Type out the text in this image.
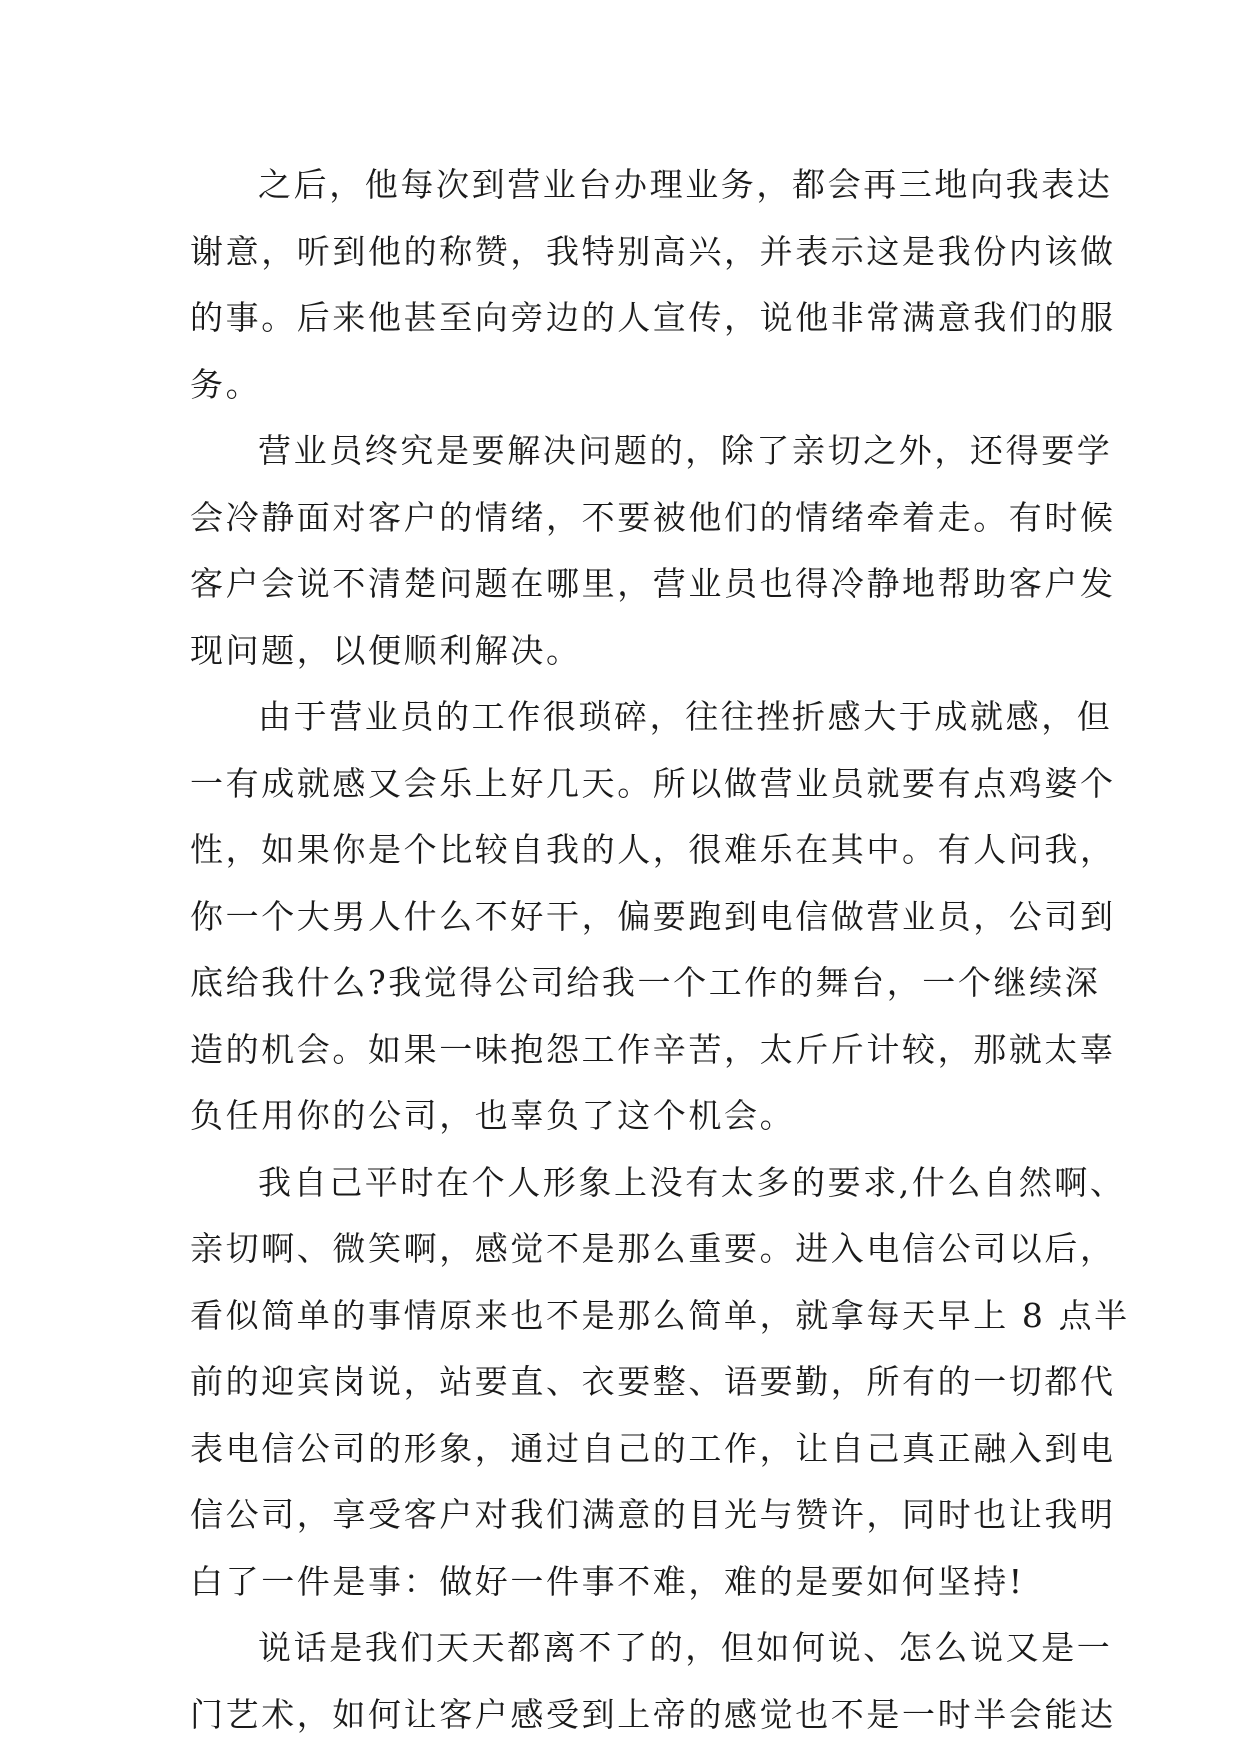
之后，他每次到营业台办理业务，都会再三地向我表达
谢意，听到他的称赞，我特别高兴，并表示这是我份内该做
的事。后来他甚至向旁边的人宣传，说他非常满意我们的服
务。
营业员终究是要解决问题的，除了亲切之外，还得要学
会冷静面对客户的情绪，不要被他们的情绪牵着走。有时候
客户会说不清楚问题在哪里，营业员也得冷静地帮助客户发
现问题，以便顺利解决。
由于营业员的工作很琐碎，往往挫折感大于成就感，但
一有成就感又会乐上好几天。所以做营业员就要有点鸡婆个
性，如果你是个比较自我的人，很难乐在其中。有人问我，
你一个大男人什么不好干，偏要跑到电信做营业员，公司到
底给我什么?我觉得公司给我一个工作的舞台，一个继续深
造的机会。如果一味抱怨工作辛苦，太斤斤计较，那就太辜
负任用你的公司，也辜负了这个机会。
我自己平时在个人形象上没有太多的要求,什么自然啊、
亲切啊、微笑啊，感觉不是那么重要。进入电信公司以后，
看似简单的事情原来也不是那么简单，就拿每天早上 8 点半
前的迎宾岗说，站要直、衣要整、语要勤，所有的一切都代
表电信公司的形象，通过自己的工作，让自己真正融入到电
信公司，享受客户对我们满意的目光与赞许，同时也让我明
白了一件是事：做好一件事不难，难的是要如何坚持!
说话是我们天天都离不了的，但如何说、怎么说又是一
门艺术，如何让客户感受到上帝的感觉也不是一时半会能达
